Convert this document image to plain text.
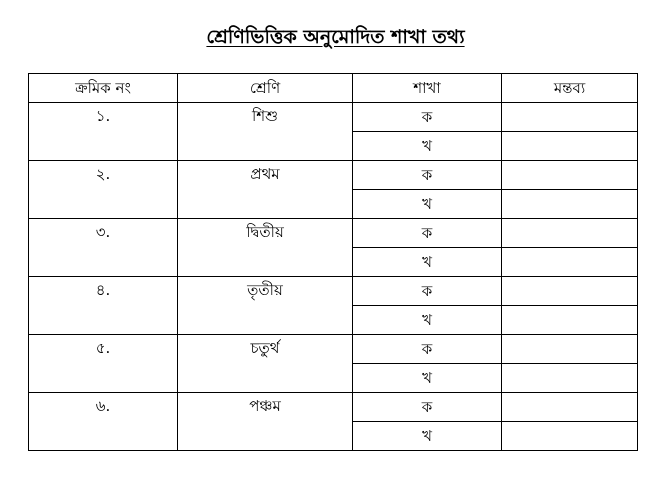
শ্রেণিভিত্তিক অনুমোদিত শাখা তথ্য
ক্রমিক নং	শ্রেণি	শাখা	মন্তব্য
১.	শিশু	ক	
		খ	
২.	প্রথম	ক	
		খ	
৩.	দ্বিতীয়	ক	
		খ	
৪.	তৃতীয়	ক	
		খ	
৫.	চতুর্থ	ক	
		খ	
৬.	পঞ্চম	ক	
		খ	
